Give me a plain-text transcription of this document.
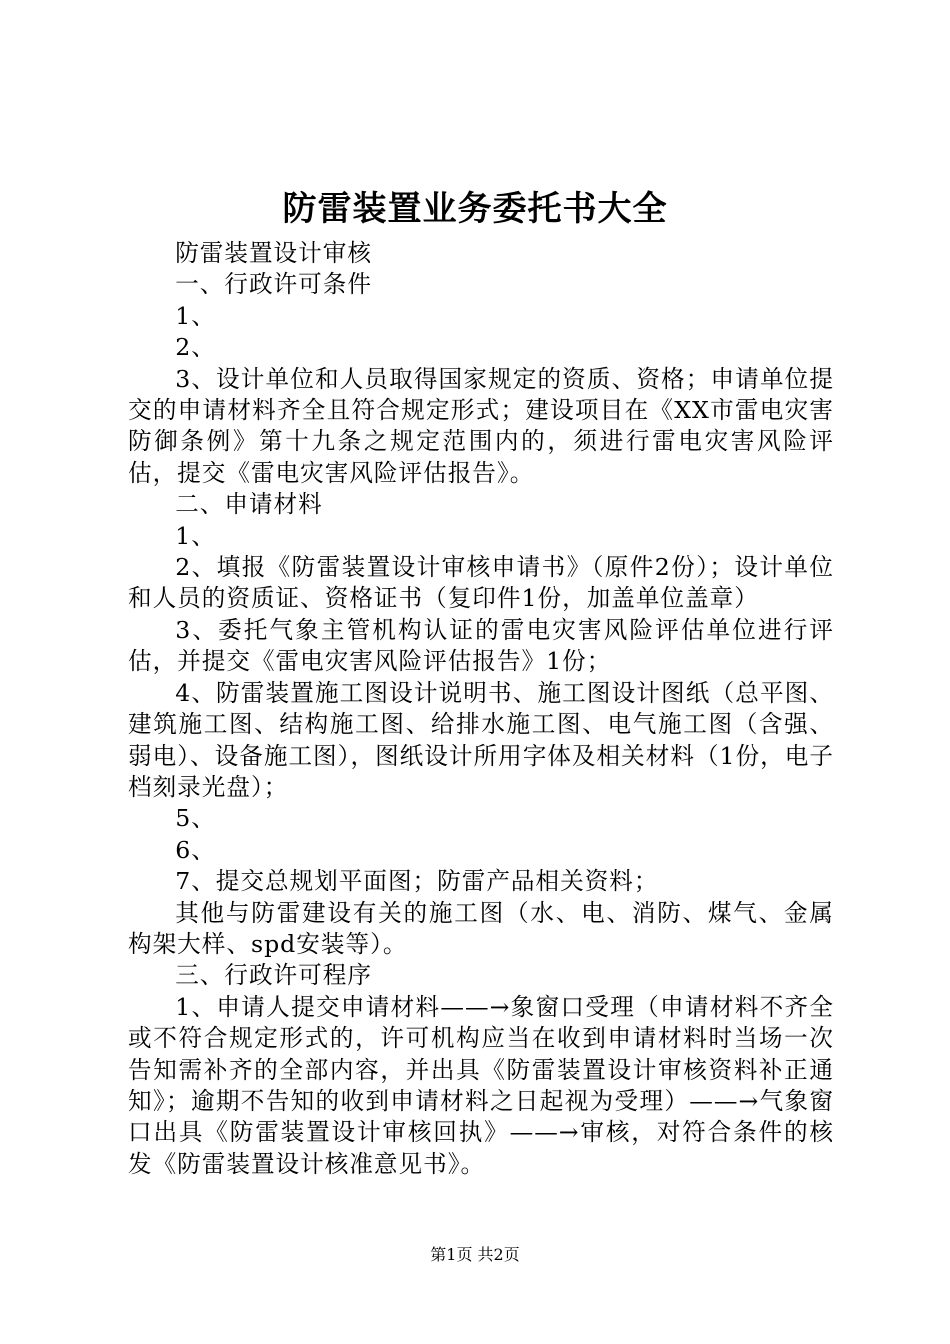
防雷装置业务委托书大全

防雷装置设计审核

一、行政许可条件

1、

2、

3、设计单位和人员取得国家规定的资质、资格；申请单位提交的申请材料齐全且符合规定形式；建设项目在《XX市雷电灾害防御条例》第十九条之规定范围内的，须进行雷电灾害风险评估，提交《雷电灾害风险评估报告》。

二、申请材料

1、

2、填报《防雷装置设计审核申请书》（原件2份）；设计单位和人员的资质证、资格证书（复印件1份，加盖单位盖章）

3、委托气象主管机构认证的雷电灾害风险评估单位进行评估，并提交《雷电灾害风险评估报告》1份；

4、防雷装置施工图设计说明书、施工图设计图纸（总平图、建筑施工图、结构施工图、给排水施工图、电气施工图（含强、弱电）、设备施工图），图纸设计所用字体及相关材料（1份，电子档刻录光盘）；

5、

6、

7、提交总规划平面图；防雷产品相关资料；

其他与防雷建设有关的施工图（水、电、消防、煤气、金属构架大样、spd安装等）。

三、行政许可程序

1、申请人提交申请材料——→象窗口受理（申请材料不齐全或不符合规定形式的，许可机构应当在收到申请材料时当场一次告知需补齐的全部内容，并出具《防雷装置设计审核资料补正通知》；逾期不告知的收到申请材料之日起视为受理）——→气象窗口出具《防雷装置设计审核回执》——→审核，对符合条件的核发《防雷装置设计核准意见书》。

第1页 共2页
